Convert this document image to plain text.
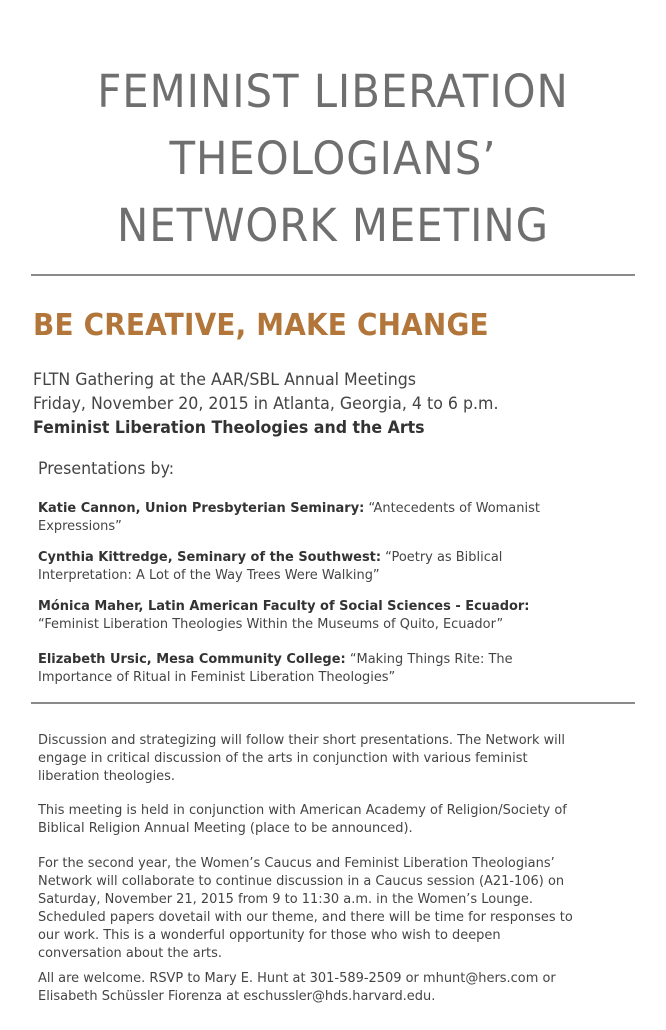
FEMINIST LIBERATION
THEOLOGIANS’
NETWORK MEETING
BE CREATIVE, MAKE CHANGE
FLTN Gathering at the AAR/SBL Annual Meetings
Friday, November 20, 2015 in Atlanta, Georgia, 4 to 6 p.m.
Feminist Liberation Theologies and the Arts
Presentations by:
Katie Cannon, Union Presbyterian Seminary: “Antecedents of Womanist Expressions”
Cynthia Kittredge, Seminary of the Southwest: “Poetry as Biblical Interpretation: A Lot of the Way Trees Were Walking”
Mónica Maher, Latin American Faculty of Social Sciences - Ecuador: “Feminist Liberation Theologies Within the Museums of Quito, Ecuador”
Elizabeth Ursic, Mesa Community College: “Making Things Rite: The Importance of Ritual in Feminist Liberation Theologies”
Discussion and strategizing will follow their short presentations. The Network will engage in critical discussion of the arts in conjunction with various feminist liberation theologies.
This meeting is held in conjunction with American Academy of Religion/Society of Biblical Religion Annual Meeting (place to be announced).
For the second year, the Women’s Caucus and Feminist Liberation Theologians’ Network will collaborate to continue discussion in a Caucus session (A21-106) on Saturday, November 21, 2015 from 9 to 11:30 a.m. in the Women’s Lounge. Scheduled papers dovetail with our theme, and there will be time for responses to our work. This is a wonderful opportunity for those who wish to deepen conversation about the arts.
All are welcome. RSVP to Mary E. Hunt at 301-589-2509 or mhunt@hers.com or Elisabeth Schüssler Fiorenza at eschussler@hds.harvard.edu.
